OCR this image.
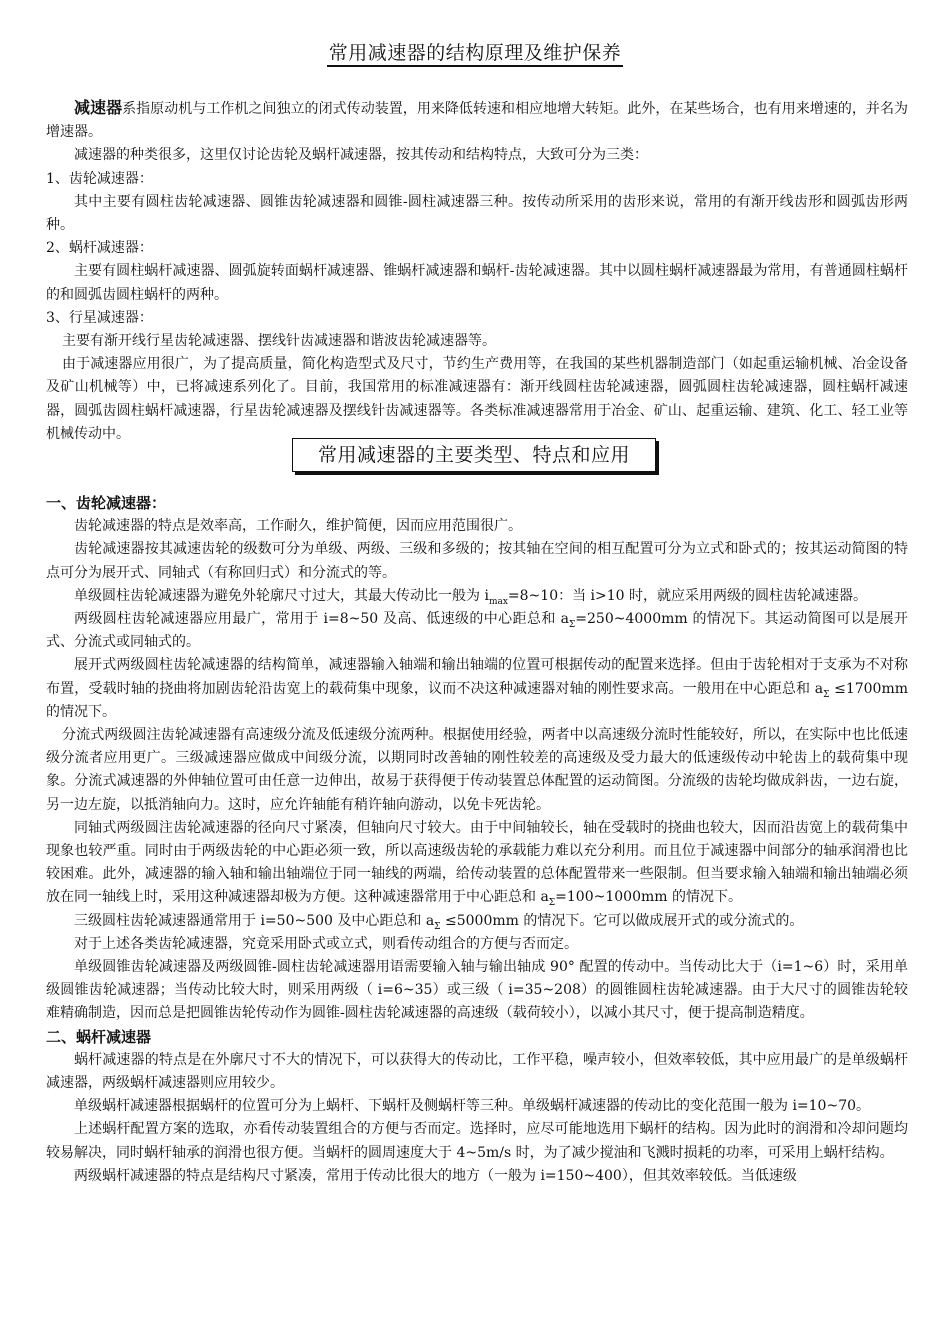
常用减速器的结构原理及维护保养

减速器系指原动机与工作机之间独立的闭式传动装置，用来降低转速和相应地增大转矩。此外，在某些场合，也有用来增速的，并名为增速器。

减速器的种类很多，这里仅讨论齿轮及蜗杆减速器，按其传动和结构特点，大致可分为三类：

1、齿轮减速器：

其中主要有圆柱齿轮减速器、圆锥齿轮减速器和圆锥-圆柱减速器三种。按传动所采用的齿形来说，常用的有渐开线齿形和圆弧齿形两种。

2、蜗杆减速器：

主要有圆柱蜗杆减速器、圆弧旋转面蜗杆减速器、锥蜗杆减速器和蜗杆-齿轮减速器。其中以圆柱蜗杆减速器最为常用，有普通圆柱蜗杆的和圆弧齿圆柱蜗杆的两种。

3、行星减速器：

主要有渐开线行星齿轮减速器、摆线针齿减速器和谐波齿轮减速器等。

由于减速器应用很广，为了提高质量，简化构造型式及尺寸，节约生产费用等，在我国的某些机器制造部门（如起重运输机械、冶金设备及矿山机械等）中，已将减速系列化了。目前，我国常用的标准减速器有：渐开线圆柱齿轮减速器，圆弧圆柱齿轮减速器，圆柱蜗杆减速器，圆弧齿圆柱蜗杆减速器，行星齿轮减速器及摆线针齿减速器等。各类标准减速器常用于冶金、矿山、起重运输、建筑、化工、轻工业等机械传动中。

常用减速器的主要类型、特点和应用

一、齿轮减速器：

齿轮减速器的特点是效率高，工作耐久，维护简便，因而应用范围很广。

齿轮减速器按其减速齿轮的级数可分为单级、两级、三级和多级的；按其轴在空间的相互配置可分为立式和卧式的；按其运动简图的特点可分为展开式、同轴式（有称回归式）和分流式的等。

单级圆柱齿轮减速器为避免外轮廓尺寸过大，其最大传动比一般为 $i_{max}=8\sim 10$：当 i>10 时，就应采用两级的圆柱齿轮减速器。

两级圆柱齿轮减速器应用最广，常用于 i=8~50 及高、低速级的中心距总和 $a_\Sigma=250\sim 4000mm$ 的情况下。其运动简图可以是展开式、分流式或同轴式的。

展开式两级圆柱齿轮减速器的结构简单，减速器输入轴端和输出轴端的位置可根据传动的配置来选择。但由于齿轮相对于支承为不对称布置，受载时轴的挠曲将加剧齿轮沿齿宽上的载荷集中现象，议而不决这种减速器对轴的刚性要求高。一般用在中心距总和 $a_\Sigma \le 1700mm$ 的情况下。

分流式两级圆注齿轮减速器有高速级分流及低速级分流两种。根据使用经验，两者中以高速级分流时性能较好，所以，在实际中也比低速级分流者应用更广。三级减速器应做成中间级分流，以期同时改善轴的刚性较差的高速级及受力最大的低速级传动中轮齿上的载荷集中现象。分流式减速器的外伸轴位置可由任意一边伸出，故易于获得便于传动装置总体配置的运动简图。分流级的齿轮均做成斜齿，一边右旋，另一边左旋，以抵消轴向力。这时，应允许轴能有稍许轴向游动，以免卡死齿轮。

同轴式两级圆注齿轮减速器的径向尺寸紧凑，但轴向尺寸较大。由于中间轴较长，轴在受载时的挠曲也较大，因而沿齿宽上的载荷集中现象也较严重。同时由于两级齿轮的中心距必须一致，所以高速级齿轮的承载能力难以充分利用。而且位于减速器中间部分的轴承润滑也比较困难。此外，减速器的输入轴和输出轴端位于同一轴线的两端，给传动装置的总体配置带来一些限制。但当要求输入轴端和输出轴端必须放在同一轴线上时，采用这种减速器却极为方便。这种减速器常用于中心距总和 $a_\Sigma=100\sim 1000mm$ 的情况下。

三级圆柱齿轮减速器通常用于 i=50~500 及中心距总和 $a_\Sigma \le 5000mm$ 的情况下。它可以做成展开式的或分流式的。

对于上述各类齿轮减速器，究竟采用卧式或立式，则看传动组合的方便与否而定。

单级圆锥齿轮减速器及两级圆锥-圆柱齿轮减速器用语需要输入轴与输出轴成 90° 配置的传动中。当传动比大于（i=1~6）时，采用单级圆锥齿轮减速器；当传动比较大时，则采用两级（ i=6~35）或三级（ i=35~208）的圆锥圆柱齿轮减速器。由于大尺寸的圆锥齿轮较难精确制造，因而总是把圆锥齿轮传动作为圆锥-圆柱齿轮减速器的高速级（载荷较小），以减小其尺寸，便于提高制造精度。

二、蜗杆减速器

蜗杆减速器的特点是在外廓尺寸不大的情况下，可以获得大的传动比，工作平稳，噪声较小，但效率较低，其中应用最广的是单级蜗杆减速器，两级蜗杆减速器则应用较少。

单级蜗杆减速器根据蜗杆的位置可分为上蜗杆、下蜗杆及侧蜗杆等三种。单级蜗杆减速器的传动比的变化范围一般为 i=10~70。

上述蜗杆配置方案的选取，亦看传动装置组合的方便与否而定。选择时，应尽可能地选用下蜗杆的结构。因为此时的润滑和冷却问题均较易解决，同时蜗杆轴承的润滑也很方便。当蜗杆的圆周速度大于 4~5m/s 时，为了减少搅油和飞溅时损耗的功率，可采用上蜗杆结构。

两级蜗杆减速器的特点是结构尺寸紧凑，常用于传动比很大的地方（一般为 i=150~400），但其效率较低。当低速级
